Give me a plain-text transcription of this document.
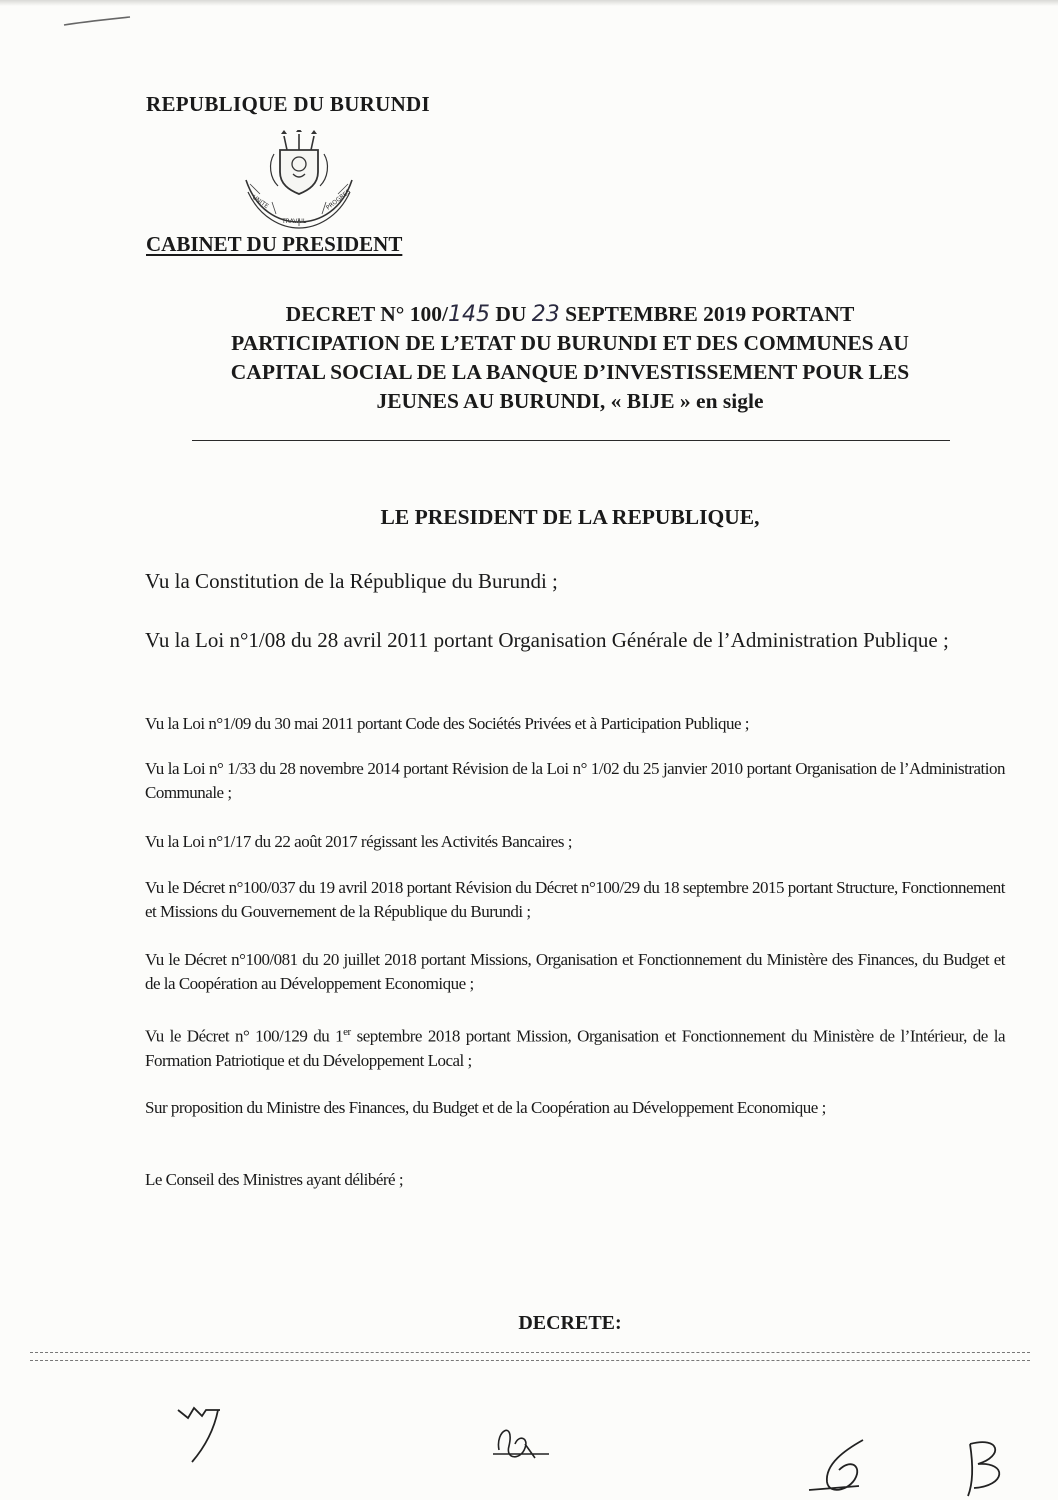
REPUBLIQUE DU BURUNDI
UNITE
TRAVAIL
PROGRES
CABINET DU PRESIDENT
DECRET N° 100/145 DU 23 SEPTEMBRE 2019 PORTANT
PARTICIPATION DE L’ETAT DU BURUNDI ET DES COMMUNES AU
CAPITAL SOCIAL DE LA BANQUE D’INVESTISSEMENT POUR LES
JEUNES AU BURUNDI, « BIJE » en sigle
LE PRESIDENT DE LA REPUBLIQUE,
Vu la Constitution de la République du Burundi ;
Vu la Loi n°1/08 du 28 avril 2011 portant Organisation Générale de l’Administration Publique ;
Vu la Loi n°1/09 du 30 mai 2011 portant Code des Sociétés Privées et à Participation Publique ;
Vu la Loi n° 1/33 du 28 novembre 2014 portant Révision de la Loi n° 1/02 du 25 janvier 2010 portant Organisation de l’Administration Communale ;
Vu la Loi n°1/17 du 22 août 2017 régissant les Activités Bancaires ;
Vu le Décret n°100/037 du 19 avril 2018 portant Révision du Décret n°100/29 du 18 septembre 2015 portant Structure, Fonctionnement et Missions du Gouvernement de la République du Burundi ;
Vu le Décret n°100/081 du 20 juillet 2018 portant Missions, Organisation et Fonctionnement du Ministère des Finances, du Budget et de la Coopération au Développement Economique ;
Vu le Décret n° 100/129 du 1er septembre 2018 portant Mission, Organisation et Fonctionnement du Ministère de l’Intérieur, de la Formation Patriotique et du Développement Local ;
Sur proposition du Ministre des Finances, du Budget et de la Coopération au Développement Economique ;
Le Conseil des Ministres ayant délibéré ;
DECRETE:
